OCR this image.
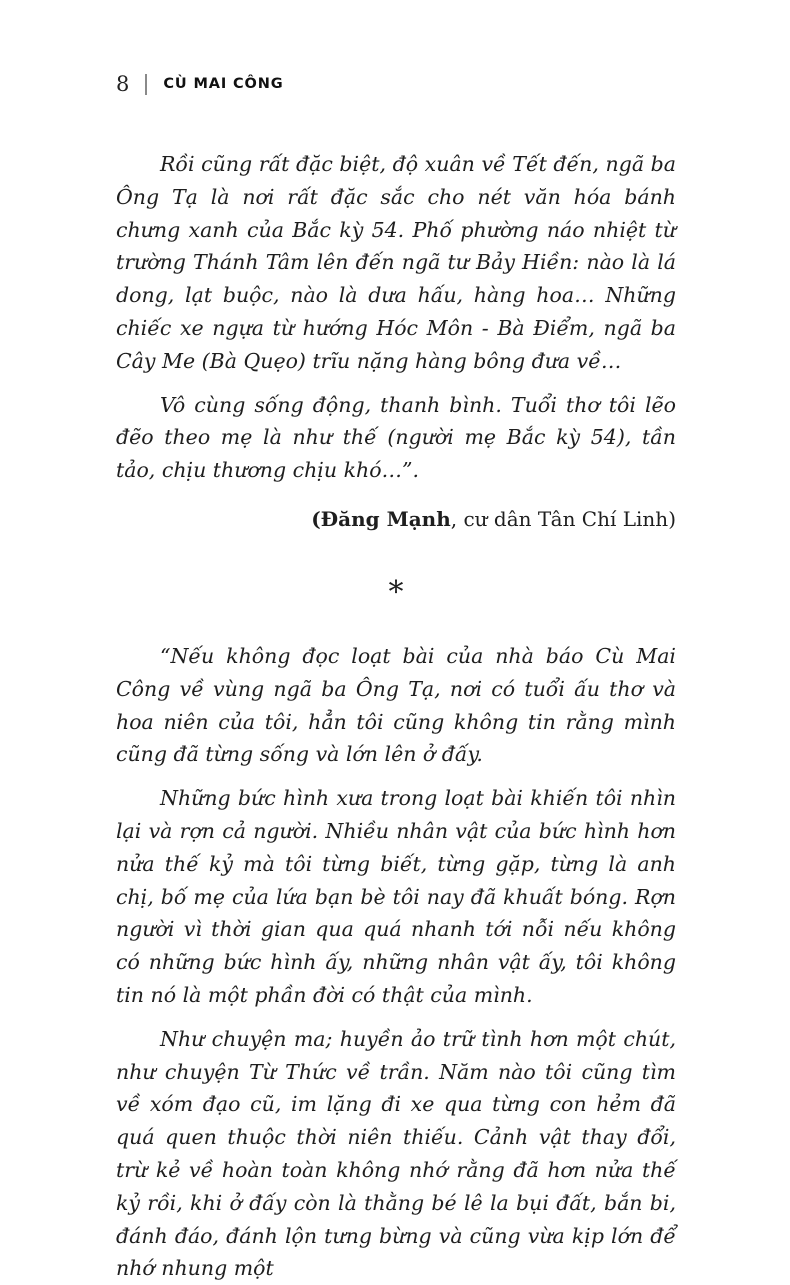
8 CÙ MAI CÔNG

Rồi cũng rất đặc biệt, độ xuân về Tết đến, ngã ba Ông Tạ là nơi rất đặc sắc cho nét văn hóa bánh chưng xanh của Bắc kỳ 54. Phố phường náo nhiệt từ trường Thánh Tâm lên đến ngã tư Bảy Hiền: nào là lá dong, lạt buộc, nào là dưa hấu, hàng hoa… Những chiếc xe ngựa từ hướng Hóc Môn - Bà Điểm, ngã ba Cây Me (Bà Quẹo) trĩu nặng hàng bông đưa về…

Vô cùng sống động, thanh bình. Tuổi thơ tôi lẽo đẽo theo mẹ là như thế (người mẹ Bắc kỳ 54), tần tảo, chịu thương chịu khó…”.

(Đăng Mạnh, cư dân Tân Chí Linh)

*

“Nếu không đọc loạt bài của nhà báo Cù Mai Công về vùng ngã ba Ông Tạ, nơi có tuổi ấu thơ và hoa niên của tôi, hẳn tôi cũng không tin rằng mình cũng đã từng sống và lớn lên ở đấy.

Những bức hình xưa trong loạt bài khiến tôi nhìn lại và rợn cả người. Nhiều nhân vật của bức hình hơn nửa thế kỷ mà tôi từng biết, từng gặp, từng là anh chị, bố mẹ của lứa bạn bè tôi nay đã khuất bóng. Rợn người vì thời gian qua quá nhanh tới nỗi nếu không có những bức hình ấy, những nhân vật ấy, tôi không tin nó là một phần đời có thật của mình.

Như chuyện ma; huyền ảo trữ tình hơn một chút, như chuyện Từ Thức về trần. Năm nào tôi cũng tìm về xóm đạo cũ, im lặng đi xe qua từng con hẻm đã quá quen thuộc thời niên thiếu. Cảnh vật thay đổi, trừ kẻ về hoàn toàn không nhớ rằng đã hơn nửa thế kỷ rồi, khi ở đấy còn là thằng bé lê la bụi đất, bắn bi, đánh đáo, đánh lộn tưng bừng và cũng vừa kịp lớn để nhớ nhung một
